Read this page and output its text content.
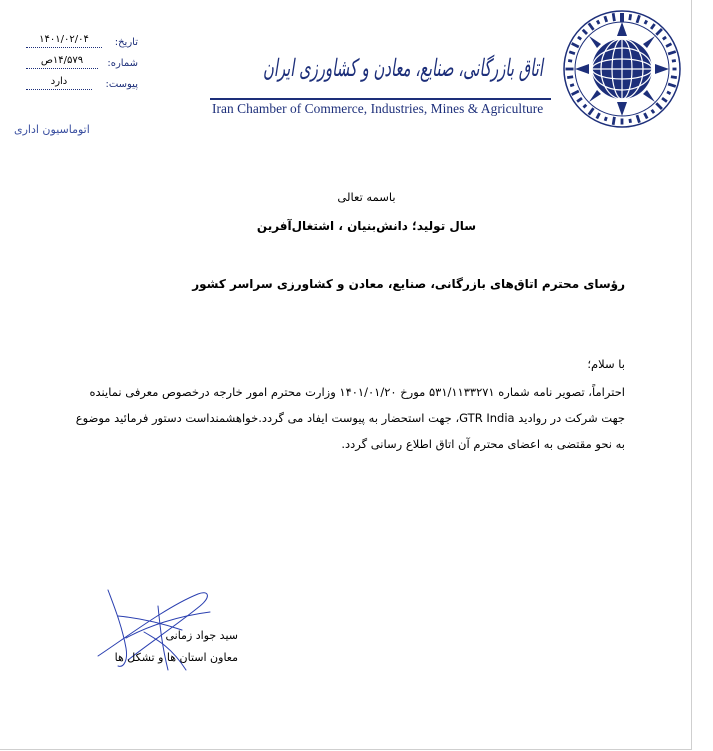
اتاق بازرگانی، صنایع، معادن و کشاورزی ایران
Iran Chamber of Commerce, Industries, Mines & Agriculture
تاریخ:
۱۴۰۱/۰۲/۰۴
شماره:
۱۴/۵۷۹ص
پیوست:
دارد
اتوماسیون اداری
باسمه تعالی
سال تولید؛ دانش‌بنیان ، اشتغال‌آفرین
رؤسای محترم اتاق‌های بازرگانی، صنایع، معادن و کشاورزی سراسر کشور
با سلام؛
احتراماً، تصویر نامه شماره ۵۳۱/۱۱۳۳۲۷۱ مورخ ۱۴۰۱/۰۱/۲۰ وزارت محترم امور خارجه درخصوص معرفی نماینده
جهت شرکت در روادید GTR India، جهت استحضار به پیوست ایفاد می گردد.خواهشمنداست دستور فرمائید موضوع
به نحو مقتضی به اعضای محترم آن اتاق اطلاع رسانی گردد.
سید جواد زمانی
معاون استان ها و تشکل ها
